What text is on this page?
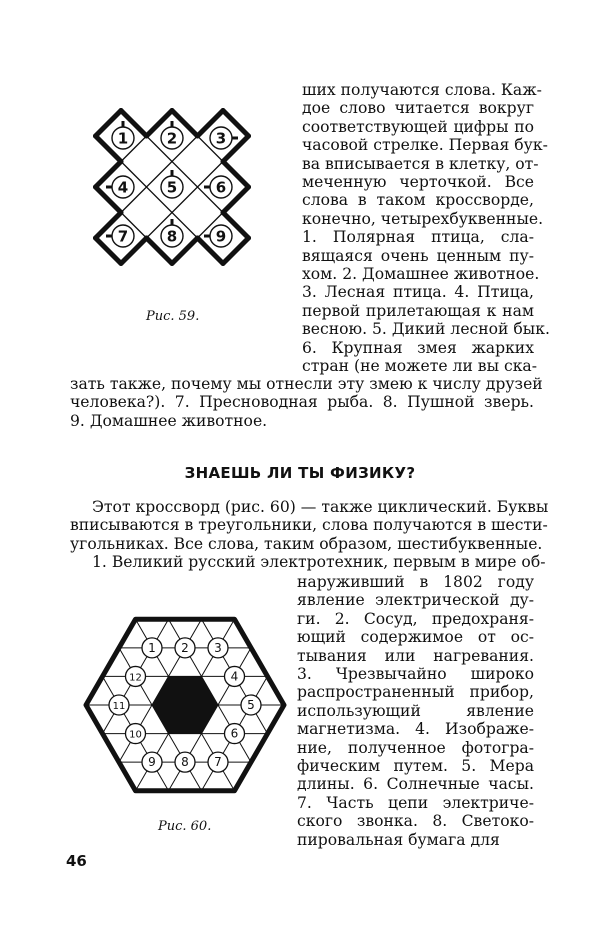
1	2	3
4	5	6
7	8	9
Рис. 59.
ших получаются слова. Каж-
дое слово читается вокруг
соответствующей цифры по
часовой стрелке. Первая бук-
ва вписывается в клетку, от-
меченную черточкой. Все
слова в таком кроссворде,
конечно, четырехбуквенные.
1. Полярная птица, сла-
вящаяся очень ценным пу-
хом. 2. Домашнее животное.
3. Лесная птица. 4. Птица,
первой прилетающая к нам
весною. 5. Дикий лесной бык.
6. Крупная змея жарких
стран (не можете ли вы ска-
зать также, почему мы отнесли эту змею к числу друзей
человека?). 7. Пресноводная рыба. 8. Пушной зверь.
9. Домашнее животное.
ЗНАЕШЬ ЛИ ТЫ ФИЗИКУ?
Этот кроссворд (рис. 60) — также циклический. Буквы
вписываются в треугольники, слова получаются в шести-
угольниках. Все слова, таким образом, шестибуквенные.
1. Великий русский электротехник, первым в мире об-
1 2 3
4
5
6
7
8
9
10
11
12
Рис. 60.
наруживший в 1802 году
явление электрической ду-
ги. 2. Сосуд, предохраня-
ющий содержимое от ос-
тывания или нагревания.
3. Чрезвычайно широко
распространенный прибор,
использующий явление
магнетизма. 4. Изображе-
ние, полученное фотогра-
фическим путем. 5. Мера
длины. 6. Солнечные часы.
7. Часть цепи электриче-
ского звонка. 8. Светоко-
пировальная бумага для
46
